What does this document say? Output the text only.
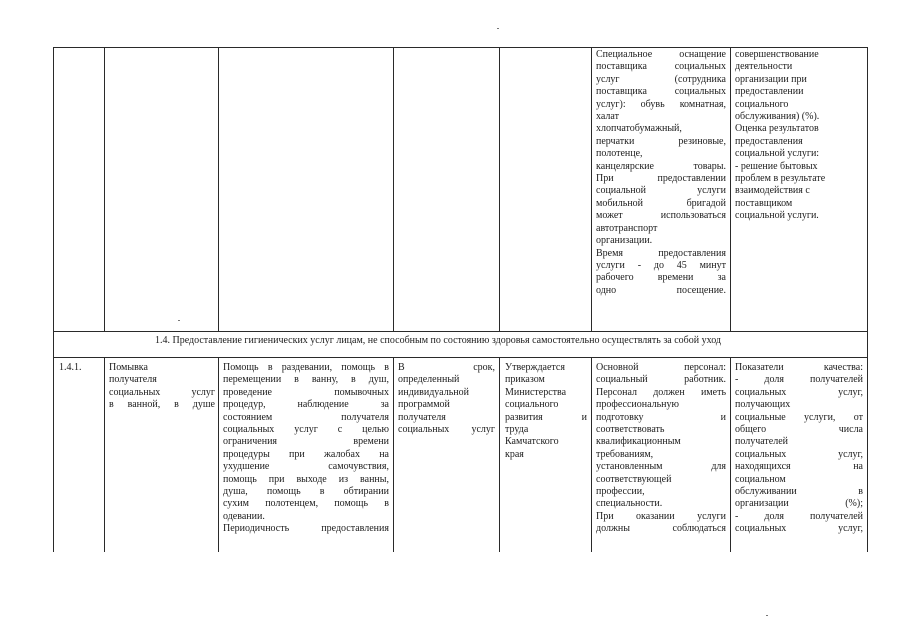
Специальное оснащение
поставщика социальных
услуг (сотрудника
поставщика социальных
услуг): обувь комнатная,
халат
хлопчатобумажный,
перчатки резиновые,
полотенце,
канцелярские товары.
При предоставлении
социальной услуги
мобильной бригадой
может использоваться
автотранспорт
организации.
Время предоставления
услуги - до 45 минут
рабочего времени за
одно посещение.
совершенствование
деятельности
организации при
предоставлении
социального
обслуживания) (%).
Оценка результатов
предоставления
социальной услуги:
- решение бытовых
проблем в результате
взаимодействия с
поставщиком
социальной услуги.
1.4. Предоставление гигиенических услуг лицам, не способным по состоянию здоровья самостоятельно осуществлять за собой уход
1.4.1.	Помывка
получателя
социальных услуг
в ванной, в душе
Помощь в раздевании, помощь в
перемещении в ванну, в душ,
проведение помывочных
процедур, наблюдение за
состоянием получателя
социальных услуг с целью
ограничения времени
процедуры при жалобах на
ухудшение самочувствия,
помощь при выходе из ванны,
душа, помощь в обтирании
сухим полотенцем, помощь в
одевании.
Периодичность предоставления
В срок,
определенный
индивидуальной
программой
получателя
социальных услуг
Утверждается
приказом
Министерства
социального
развития и
труда
Камчатского
края
Основной персонал:
социальный работник.
Персонал должен иметь
профессиональную
подготовку и
соответствовать
квалификационным
требованиям,
установленным для
соответствующей
профессии,
специальности.
При оказании услуги
должны соблюдаться
Показатели качества:
- доля получателей
социальных услуг,
получающих
социальные услуги, от
общего числа
получателей
социальных услуг,
находящихся на
социальном
обслуживании в
организации (%);
- доля получателей
социальных услуг,
